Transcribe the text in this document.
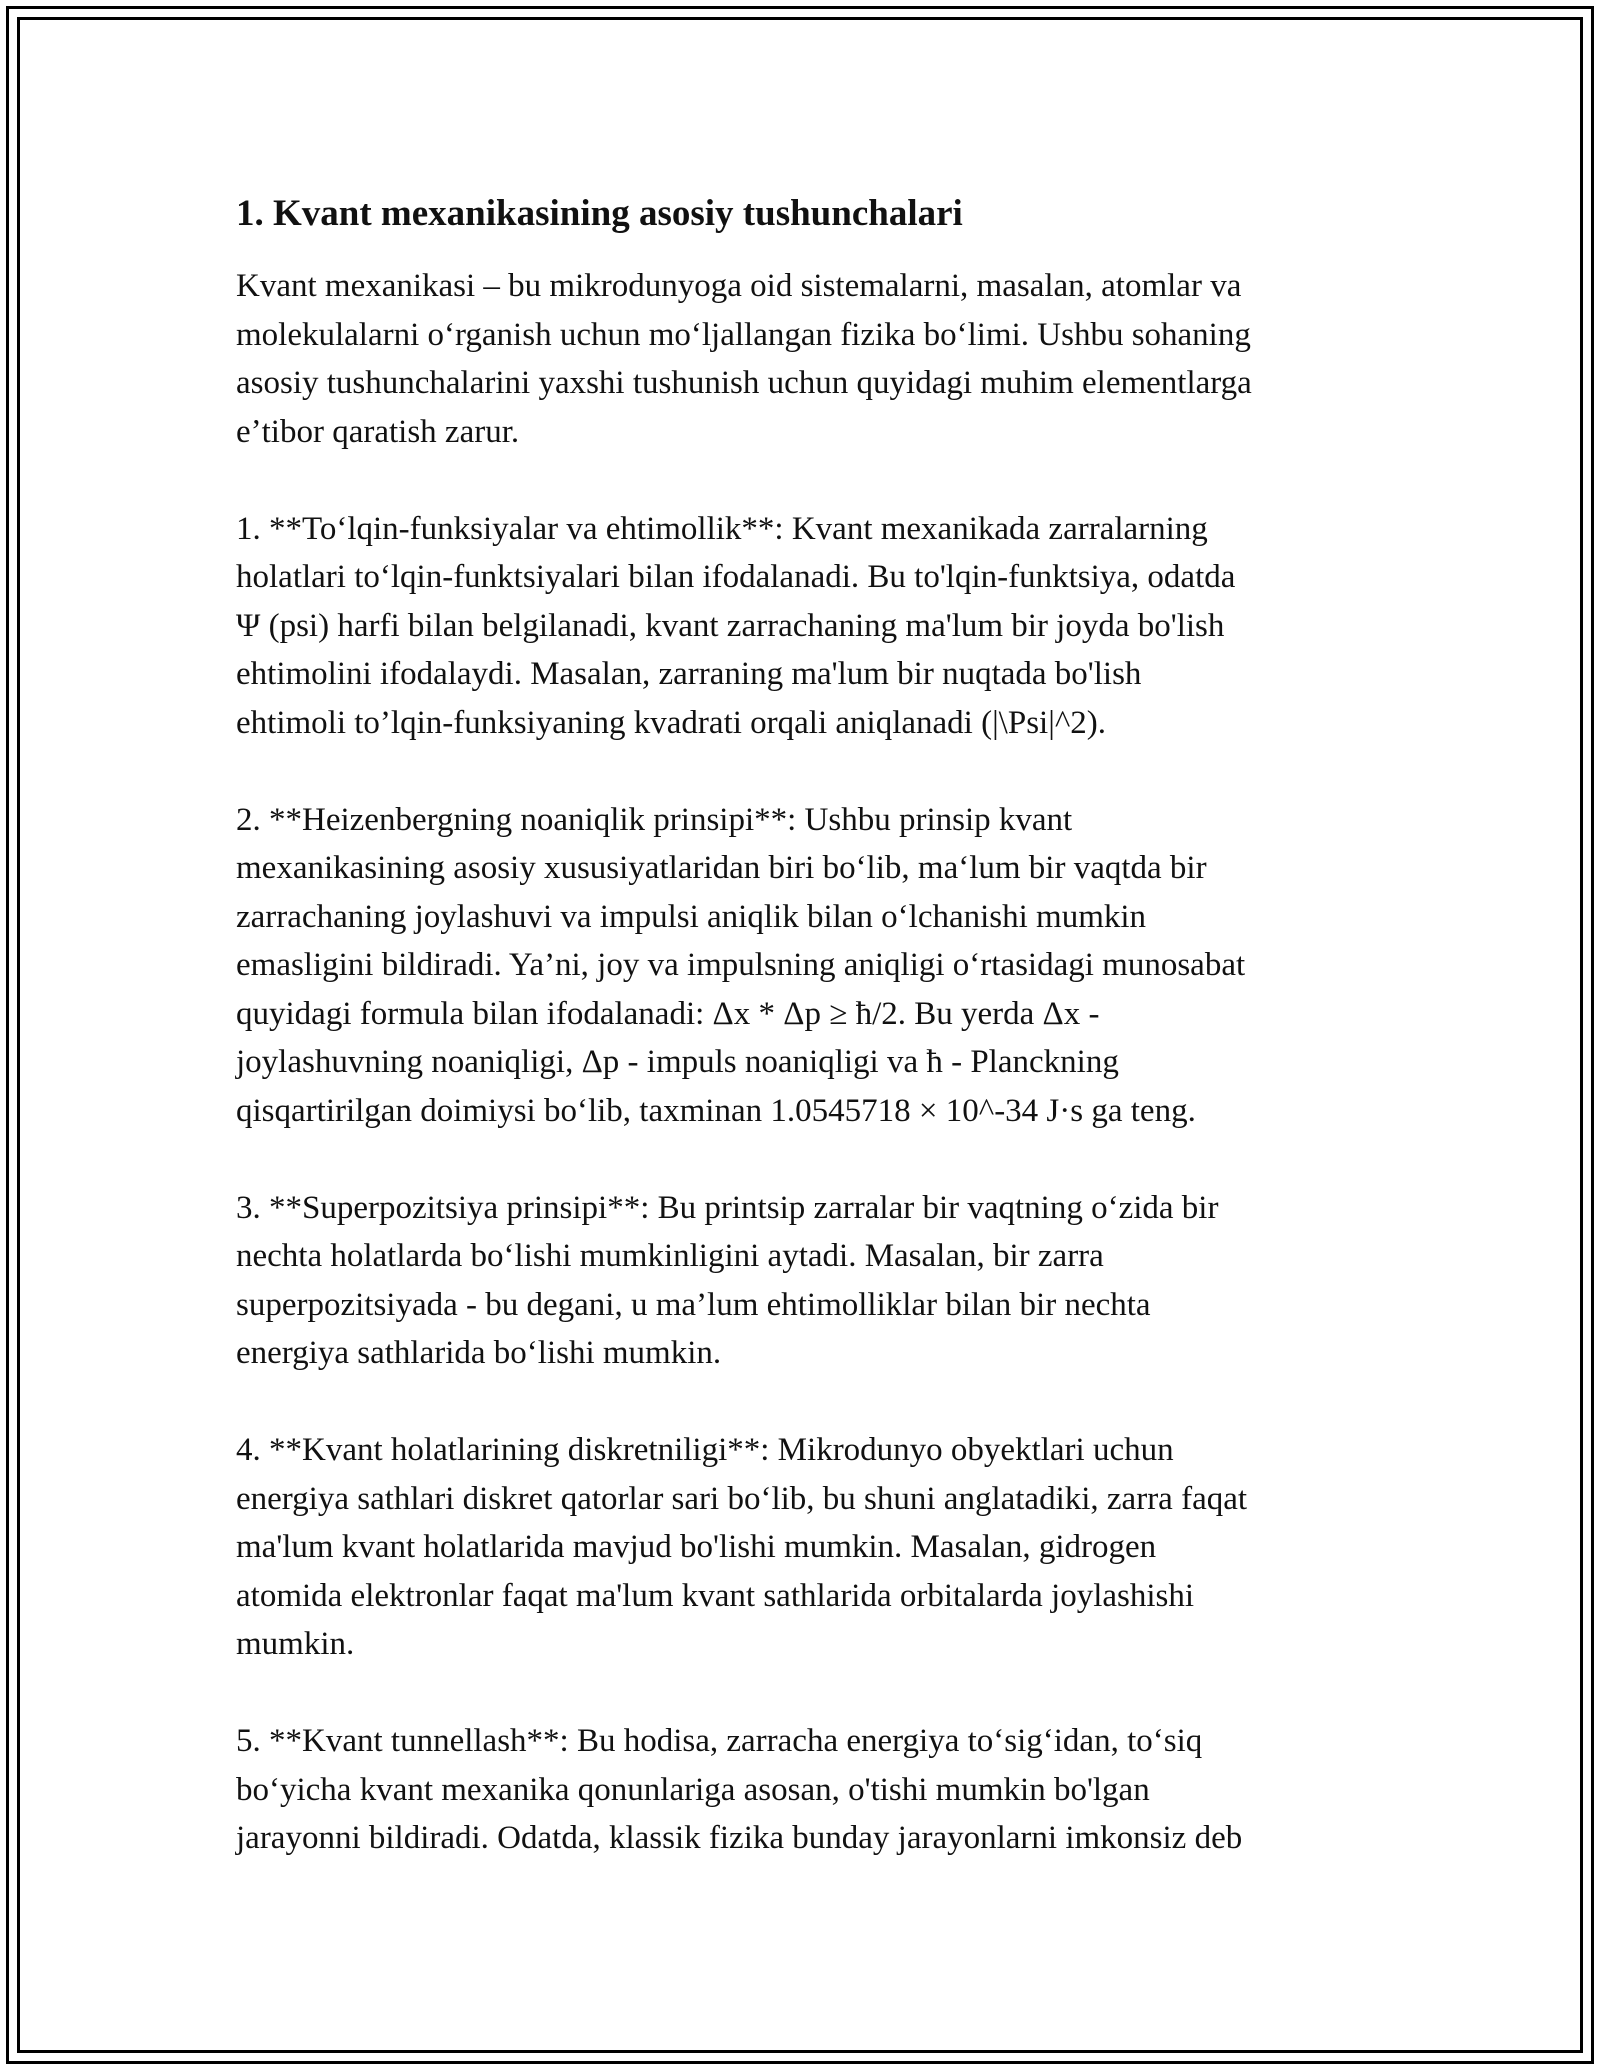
1. Kvant mexanikasining asosiy tushunchalari

Kvant mexanikasi – bu mikrodunyoga oid sistemalarni, masalan, atomlar va
molekulalarni oʻrganish uchun moʻljallangan fizika boʻlimi. Ushbu sohaning
asosiy tushunchalarini yaxshi tushunish uchun quyidagi muhim elementlarga
eʼtibor qaratish zarur.

1. **Toʻlqin-funksiyalar va ehtimollik**: Kvant mexanikada zarralarning
holatlari toʻlqin-funktsiyalari bilan ifodalanadi. Bu to'lqin-funktsiya, odatda
Ψ (psi) harfi bilan belgilanadi, kvant zarrachaning ma'lum bir joyda bo'lish
ehtimolini ifodalaydi. Masalan, zarraning ma'lum bir nuqtada bo'lish
ehtimoli to’lqin-funksiyaning kvadrati orqali aniqlanadi (|\Psi|^2).

2. **Heizenbergning noaniqlik prinsipi**: Ushbu prinsip kvant
mexanikasining asosiy xususiyatlaridan biri boʻlib, maʻlum bir vaqtda bir
zarrachaning joylashuvi va impulsi aniqlik bilan oʻlchanishi mumkin
emasligini bildiradi. Ya’ni, joy va impulsning aniqligi oʻrtasidagi munosabat
quyidagi formula bilan ifodalanadi: Δx * Δp ≥ ħ/2. Bu yerda Δx -
joylashuvning noaniqligi, Δp - impuls noaniqligi va ħ - Planckning
qisqartirilgan doimiysi boʻlib, taxminan 1.0545718 × 10^-34 J·s ga teng.

3. **Superpozitsiya prinsipi**: Bu printsip zarralar bir vaqtning oʻzida bir
nechta holatlarda boʻlishi mumkinligini aytadi. Masalan, bir zarra
superpozitsiyada - bu degani, u ma’lum ehtimolliklar bilan bir nechta
energiya sathlarida boʻlishi mumkin.

4. **Kvant holatlarining diskretniligi**: Mikrodunyo obyektlari uchun
energiya sathlari diskret qatorlar sari boʻlib, bu shuni anglatadiki, zarra faqat
ma'lum kvant holatlarida mavjud bo'lishi mumkin. Masalan, gidrogen
atomida elektronlar faqat ma'lum kvant sathlarida orbitalarda joylashishi
mumkin.

5. **Kvant tunnellash**: Bu hodisa, zarracha energiya toʻsigʻidan, toʻsiq
boʻyicha kvant mexanika qonunlariga asosan, o'tishi mumkin bo'lgan
jarayonni bildiradi. Odatda, klassik fizika bunday jarayonlarni imkonsiz deb
